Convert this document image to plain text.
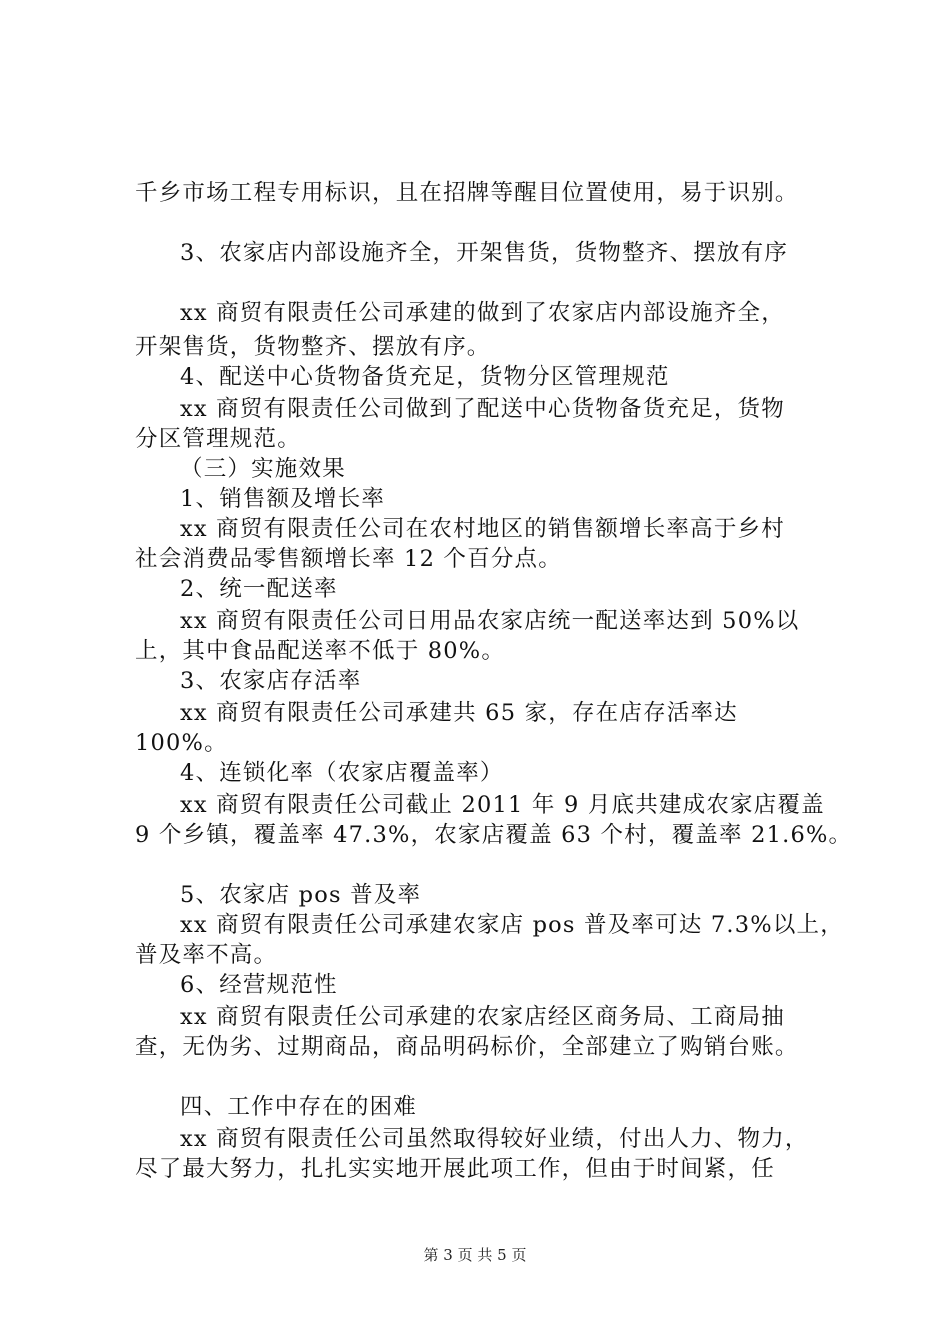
千乡市场工程专用标识，且在招牌等醒目位置使用，易于识别。
3、农家店内部设施齐全，开架售货，货物整齐、摆放有序
xx 商贸有限责任公司承建的做到了农家店内部设施齐全，
开架售货，货物整齐、摆放有序。
4、配送中心货物备货充足，货物分区管理规范
xx 商贸有限责任公司做到了配送中心货物备货充足，货物
分区管理规范。
（三）实施效果
1、销售额及增长率
xx 商贸有限责任公司在农村地区的销售额增长率高于乡村
社会消费品零售额增长率 12 个百分点。
2、统一配送率
xx 商贸有限责任公司日用品农家店统一配送率达到 50%以
上，其中食品配送率不低于 80%。
3、农家店存活率
xx 商贸有限责任公司承建共 65 家，存在店存活率达
100%。
4、连锁化率（农家店覆盖率）
xx 商贸有限责任公司截止 2011 年 9 月底共建成农家店覆盖
9 个乡镇，覆盖率 47.3%，农家店覆盖 63 个村，覆盖率 21.6%。
5、农家店 pos 普及率
xx 商贸有限责任公司承建农家店 pos 普及率可达 7.3%以上，
普及率不高。
6、经营规范性
xx 商贸有限责任公司承建的农家店经区商务局、工商局抽
查，无伪劣、过期商品，商品明码标价，全部建立了购销台账。
四、工作中存在的困难
xx 商贸有限责任公司虽然取得较好业绩，付出人力、物力，
尽了最大努力，扎扎实实地开展此项工作，但由于时间紧，任
第 3 页 共 5 页
